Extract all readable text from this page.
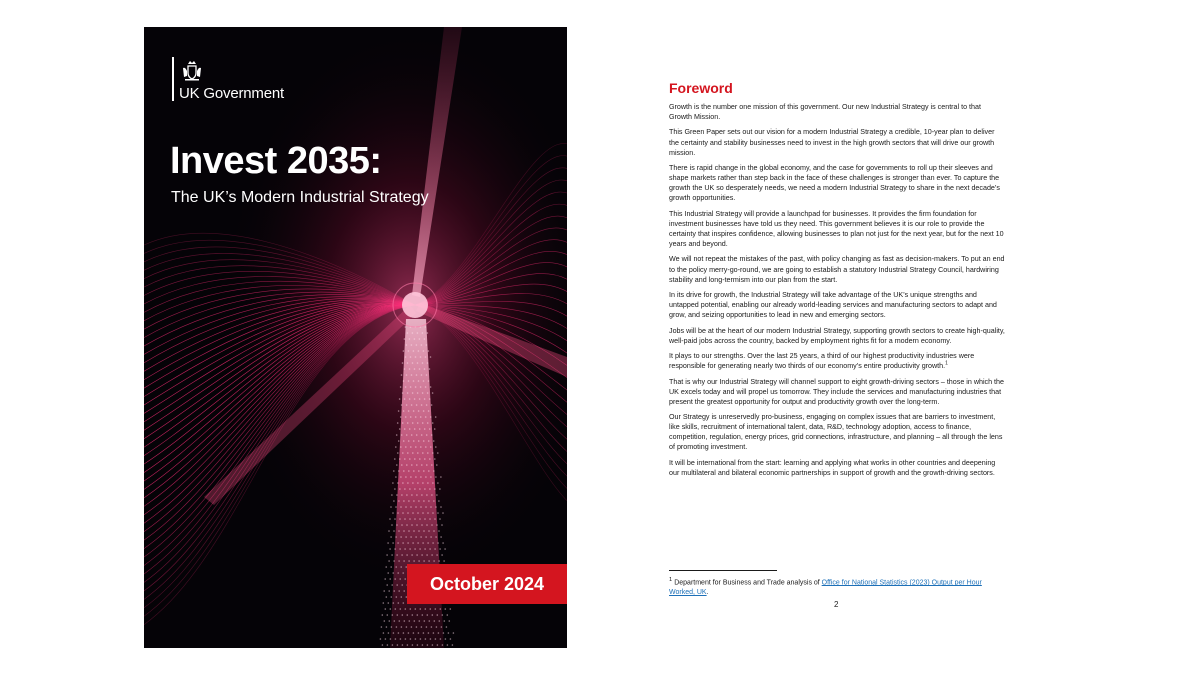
UK Government
Invest 2035:
The UK’s Modern Industrial Strategy
October 2024
Foreword

Growth is the number one mission of this government. Our new Industrial Strategy is central to that Growth Mission.

This Green Paper sets out our vision for a modern Industrial Strategy a credible, 10-year plan to deliver the certainty and stability businesses need to invest in the high growth sectors that will drive our growth mission.

There is rapid change in the global economy, and the case for governments to roll up their sleeves and shape markets rather than step back in the face of these challenges is stronger than ever. To capture the growth the UK so desperately needs, we need a modern Industrial Strategy to share in the next decade’s growth opportunities.

This Industrial Strategy will provide a launchpad for businesses. It provides the firm foundation for investment businesses have told us they need. This government believes it is our role to provide the certainty that inspires confidence, allowing businesses to plan not just for the next year, but for the next 10 years and beyond.

We will not repeat the mistakes of the past, with policy changing as fast as decision-makers. To put an end to the policy merry-go-round, we are going to establish a statutory Industrial Strategy Council, hardwiring stability and long-termism into our plan from the start.

In its drive for growth, the Industrial Strategy will take advantage of the UK’s unique strengths and untapped potential, enabling our already world-leading services and manufacturing sectors to adapt and grow, and seizing opportunities to lead in new and emerging sectors.

Jobs will be at the heart of our modern Industrial Strategy, supporting growth sectors to create high-quality, well-paid jobs across the country, backed by employment rights fit for a modern economy.

It plays to our strengths. Over the last 25 years, a third of our highest productivity industries were responsible for generating nearly two thirds of our economy’s entire productivity growth.$^1$

That is why our Industrial Strategy will channel support to eight growth-driving sectors – those in which the UK excels today and will propel us tomorrow. They include the services and manufacturing industries that present the greatest opportunity for output and productivity growth over the long-term.

Our Strategy is unreservedly pro-business, engaging on complex issues that are barriers to investment, like skills, recruitment of international talent, data, R&D, technology adoption, access to finance, competition, regulation, energy prices, grid connections, infrastructure, and planning – all through the lens of promoting investment.

It will be international from the start: learning and applying what works in other countries and deepening our multilateral and bilateral economic partnerships in support of growth and the growth-driving sectors.

$^1$ Department for Business and Trade analysis of Office for National Statistics (2023) Output per Hour Worked, UK.
2
